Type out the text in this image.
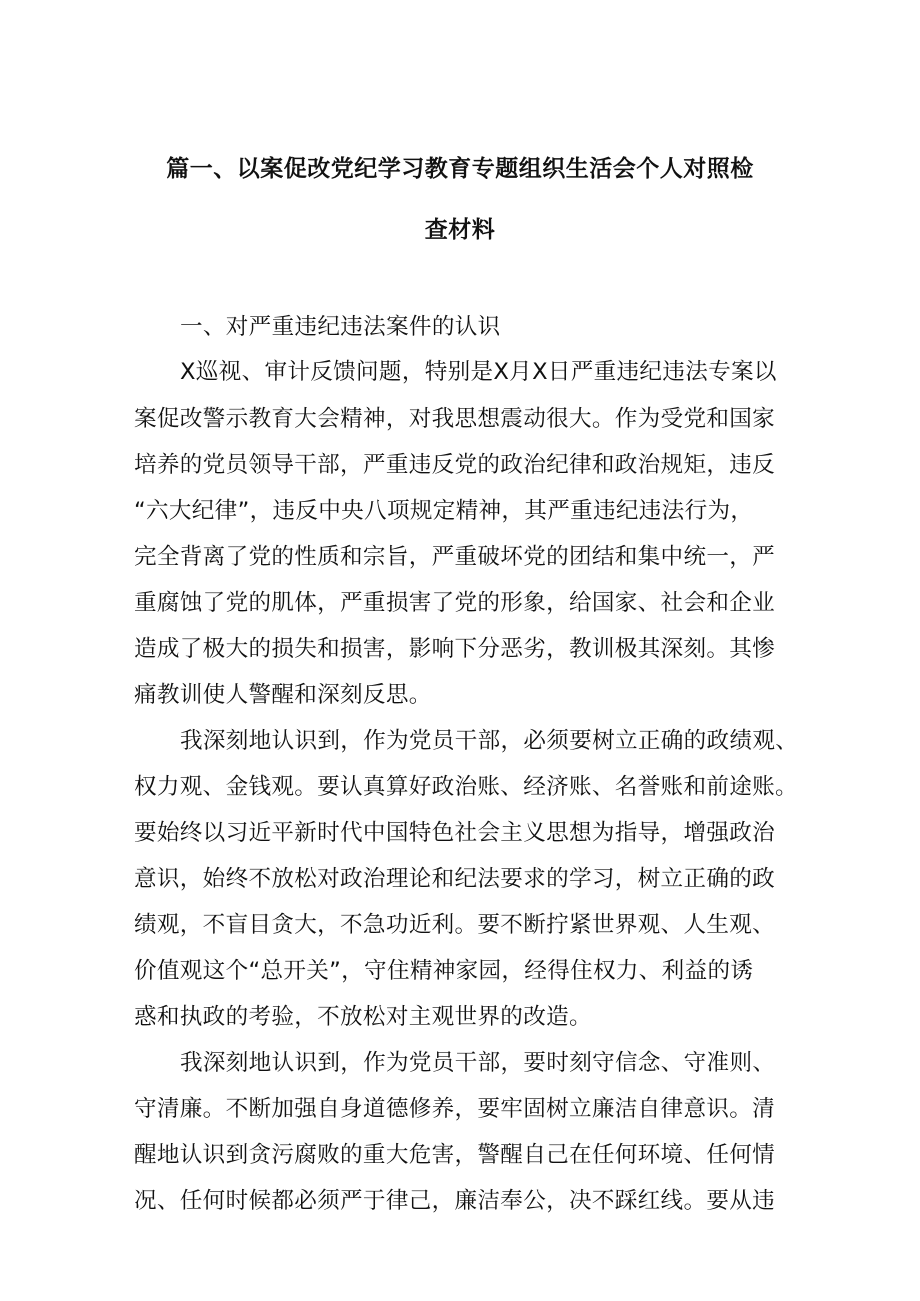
篇一、以案促改党纪学习教育专题组织生活会个人对照检
查材料
一、对严重违纪违法案件的认识
X巡视、审计反馈问题，特别是X月X日严重违纪违法专案以
案促改警示教育大会精神，对我思想震动很大。作为受党和国家
培养的党员领导干部，严重违反党的政治纪律和政治规矩，违反
“六大纪律”，违反中央八项规定精神，其严重违纪违法行为，
完全背离了党的性质和宗旨，严重破坏党的团结和集中统一，严
重腐蚀了党的肌体，严重损害了党的形象，给国家、社会和企业
造成了极大的损失和损害，影响下分恶劣，教训极其深刻。其惨
痛教训使人警醒和深刻反思。
我深刻地认识到，作为党员干部，必须要树立正确的政绩观、
权力观、金钱观。要认真算好政治账、经济账、名誉账和前途账。
要始终以习近平新时代中国特色社会主义思想为指导，增强政治
意识，始终不放松对政治理论和纪法要求的学习，树立正确的政
绩观，不盲目贪大，不急功近利。要不断拧紧世界观、人生观、
价值观这个“总开关”，守住精神家园，经得住权力、利益的诱
惑和执政的考验，不放松对主观世界的改造。
我深刻地认识到，作为党员干部，要时刻守信念、守准则、
守清廉。不断加强自身道德修养，要牢固树立廉洁自律意识。清
醒地认识到贪污腐败的重大危害，警醒自己在任何环境、任何情
况、任何时候都必须严于律己，廉洁奉公，决不踩红线。要从违
